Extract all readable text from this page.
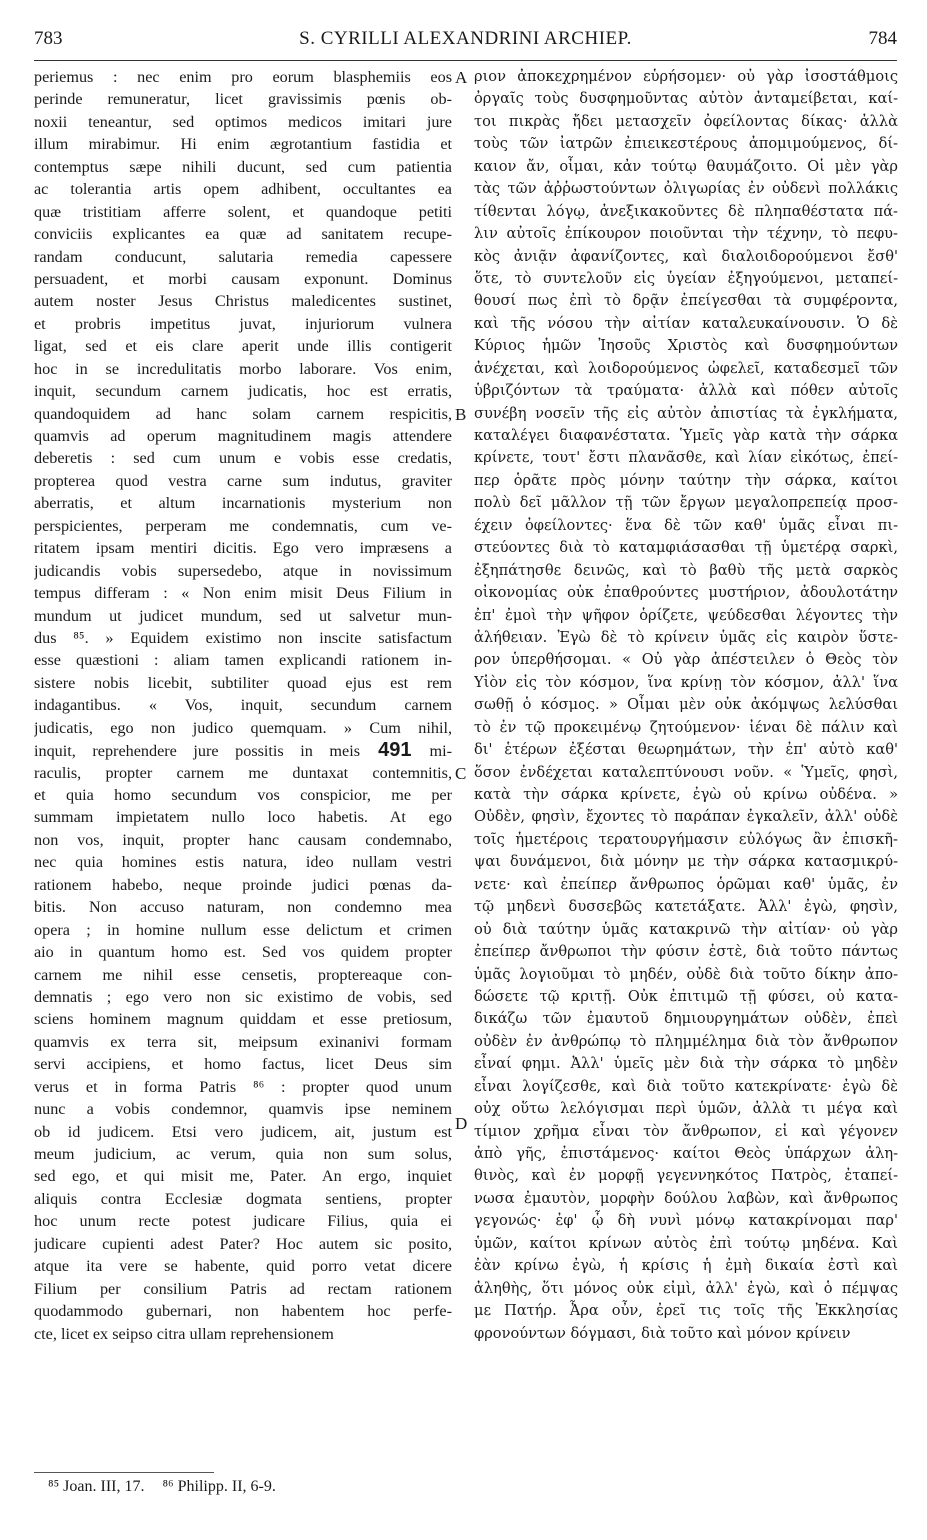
783	S. CYRILLI ALEXANDRINI ARCHIEP.	784
periemus : nec enim pro eorum blasphemiis eos
perinde remuneratur, licet gravissimis pœnis ob-
noxii teneantur, sed optimos medicos imitari jure
illum mirabimur. Hi enim ægrotantium fastidia et
contemptus sæpe nihili ducunt, sed cum patientia
ac tolerantia artis opem adhibent, occultantes ea
quæ tristitiam afferre solent, et quandoque petiti
conviciis explicantes ea quæ ad sanitatem recupe-
randam conducunt, salutaria remedia capessere
persuadent, et morbi causam exponunt. Dominus
autem noster Jesus Christus maledicentes sustinet,
et probris impetitus juvat, injuriorum vulnera
ligat, sed et eis clare aperit unde illis contigerit
hoc in se incredulitatis morbo laborare. Vos enim,
inquit, secundum carnem judicatis, hoc est erratis,
quandoquidem ad hanc solam carnem respicitis,
quamvis ad operum magnitudinem magis attendere
deberetis : sed cum unum e vobis esse credatis,
propterea quod vestra carne sum indutus, graviter
aberratis, et altum incarnationis mysterium non
perspicientes, perperam me condemnatis, cum ve-
ritatem ipsam mentiri dicitis. Ego vero impræsens a
judicandis vobis supersedebo, atque in novissimum
tempus differam : « Non enim misit Deus Filium in
mundum ut judicet mundum, sed ut salvetur mun-
dus ⁸⁵. » Equidem existimo non inscite satisfactum
esse quæstioni : aliam tamen explicandi rationem in-
sistere nobis licebit, subtiliter quoad ejus est rem
indagantibus. « Vos, inquit, secundum carnem
judicatis, ego non judico quemquam. » Cum nihil,
inquit, reprehendere jure possitis in meis 491 mi-
raculis, propter carnem me duntaxat contemnitis,
et quia homo secundum vos conspicior, me per
summam impietatem nullo loco habetis. At ego
non vos, inquit, propter hanc causam condemnabo,
nec quia homines estis natura, ideo nullam vestri
rationem habebo, neque proinde judici pœnas da-
bitis. Non accuso naturam, non condemno mea
opera ; in homine nullum esse delictum et crimen
aio in quantum homo est. Sed vos quidem propter
carnem me nihil esse censetis, proptereaque con-
demnatis ; ego vero non sic existimo de vobis, sed
sciens hominem magnum quiddam et esse pretiosum,
quamvis ex terra sit, meipsum exinanivi formam
servi accipiens, et homo factus, licet Deus sim
verus et in forma Patris ⁸⁶ : propter quod unum
nunc a vobis condemnor, quamvis ipse neminem
ob id judicem. Etsi vero judicem, ait, justum est
meum judicium, ac verum, quia non sum solus,
sed ego, et qui misit me, Pater. An ergo, inquiet
aliquis contra Ecclesiæ dogmata sentiens, propter
hoc unum recte potest judicare Filius, quia ei
judicare cupienti adest Pater? Hoc autem sic posito,
atque ita vere se habente, quid porro vetat dicere
Filium per consilium Patris ad rectam rationem
quodammodo gubernari, non habentem hoc perfe-
cte, licet ex seipso citra ullam reprehensionem
ριον ἀποκεχρημένον εὑρήσομεν· οὐ γὰρ ἰσοστάθμοις
ὀργαῖς τοὺς δυσφημοῦντας αὐτὸν ἀνταμείβεται, καί-
τοι πικρὰς ἤδει μετασχεῖν ὀφείλοντας δίκας· ἀλλὰ
τοὺς τῶν ἰατρῶν ἐπιεικεστέρους ἀπομιμούμενος, δί-
καιον ἄν, οἶμαι, κἀν τούτῳ θαυμάζοιτο. Οἱ μὲν γὰρ
τὰς τῶν ἀῤῥωστούντων ὀλιγωρίας ἐν οὐδενὶ πολλάκις
τίθενται λόγῳ, ἀνεξικακοῦντες δὲ πληπαθέστατα πά-
λιν αὐτοῖς ἐπίκουρον ποιοῦνται τὴν τέχνην, τὸ πεφυ-
κὸς ἀνιᾷν ἀφανίζοντες, καὶ διαλοιδορούμενοι ἔσθ'
ὅτε, τὸ συντελοῦν εἰς ὑγείαν ἐξηγούμενοι, μεταπεί-
θουσί πως ἐπὶ τὸ δρᾷν ἐπείγεσθαι τὰ συμφέροντα,
καὶ τῆς νόσου τὴν αἰτίαν καταλευκαίνουσιν. Ὁ δὲ
Κύριος ἡμῶν Ἰησοῦς Χριστὸς καὶ δυσφημούντων
ἀνέχεται, καὶ λοιδορούμενος ὠφελεῖ, καταδεσμεῖ τῶν
ὑβριζόντων τὰ τραύματα· ἀλλὰ καὶ πόθεν αὐτοῖς
συνέβη νοσεῖν τῆς εἰς αὐτὸν ἀπιστίας τὰ ἐγκλήματα,
καταλέγει διαφανέστατα. Ὑμεῖς γὰρ κατὰ τὴν σάρκα
κρίνετε, τουτ' ἔστι πλανᾶσθε, καὶ λίαν εἰκότως, ἐπεί-
περ ὁρᾶτε πρὸς μόνην ταύτην τὴν σάρκα, καίτοι
πολὺ δεῖ μᾶλλον τῇ τῶν ἔργων μεγαλοπρεπείᾳ προσ-
έχειν ὀφείλοντες· ἕνα δὲ τῶν καθ' ὑμᾶς εἶναι πι-
στεύοντες διὰ τὸ καταμφιάσασθαι τῇ ὑμετέρᾳ σαρκὶ,
ἐξηπάτησθε δεινῶς, καὶ τὸ βαθὺ τῆς μετὰ σαρκὸς
οἰκονομίας οὐκ ἐπαθρούντες μυστήριον, ἀδουλοτάτην
ἐπ' ἐμοὶ τὴν ψῆφον ὁρίζετε, ψεύδεσθαι λέγοντες τὴν
ἀλήθειαν. Ἐγὼ δὲ τὸ κρίνειν ὑμᾶς εἰς καιρὸν ὕστε-
ρον ὑπερθήσομαι. « Οὐ γὰρ ἀπέστειλεν ὁ Θεὸς τὸν
Υἱὸν εἰς τὸν κόσμον, ἵνα κρίνῃ τὸν κόσμον, ἀλλ' ἵνα
σωθῇ ὁ κόσμος. » Οἶμαι μὲν οὐκ ἀκόμψως λελύσθαι
τὸ ἐν τῷ προκειμένῳ ζητούμενον· ἰέναι δὲ πάλιν καὶ
δι' ἑτέρων ἐξέσται θεωρημάτων, τὴν ἐπ' αὐτὸ καθ'
ὅσον ἐνδέχεται καταλεπτύνουσι νοῦν. « Ὑμεῖς, φησὶ,
κατὰ τὴν σάρκα κρίνετε, ἐγὼ οὐ κρίνω οὐδένα. »
Οὐδὲν, φησὶν, ἔχοντες τὸ παράπαν ἐγκαλεῖν, ἀλλ' οὐδὲ
τοῖς ἡμετέροις τερατουργήμασιν εὐλόγως ἂν ἐπισκῆ-
ψαι δυνάμενοι, διὰ μόνην με τὴν σάρκα κατασμικρύ-
νετε· καὶ ἐπείπερ ἄνθρωπος ὁρῶμαι καθ' ὑμᾶς, ἐν
τῷ μηδενὶ δυσσεβῶς κατετάξατε. Ἀλλ' ἐγὼ, φησὶν,
οὐ διὰ ταύτην ὑμᾶς κατακρινῶ τὴν αἰτίαν· οὐ γὰρ
ἐπείπερ ἄνθρωποι τὴν φύσιν ἐστὲ, διὰ τοῦτο πάντως
ὑμᾶς λογιοῦμαι τὸ μηδέν, οὐδὲ διὰ τοῦτο δίκην ἀπο-
δώσετε τῷ κριτῇ. Οὐκ ἐπιτιμῶ τῇ φύσει, οὐ κατα-
δικάζω τῶν ἐμαυτοῦ δημιουργημάτων οὐδὲν, ἐπεὶ
οὐδὲν ἐν ἀνθρώπῳ τὸ πλημμέλημα διὰ τὸν ἄνθρωπον
εἶναί φημι. Ἀλλ' ὑμεῖς μὲν διὰ τὴν σάρκα τὸ μηδὲν
εἶναι λογίζεσθε, καὶ διὰ τοῦτο κατεκρίνατε· ἐγὼ δὲ
οὐχ οὕτω λελόγισμαι περὶ ὑμῶν, ἀλλὰ τι μέγα καὶ
τίμιον χρῆμα εἶναι τὸν ἄνθρωπον, εἰ καὶ γέγονεν
ἀπὸ γῆς, ἐπιστάμενος· καίτοι Θεὸς ὑπάρχων ἀλη-
θινὸς, καὶ ἐν μορφῇ γεγεννηκότος Πατρὸς, ἐταπεί-
νωσα ἐμαυτὸν, μορφὴν δούλου λαβὼν, καὶ ἄνθρωπος
γεγονώς· ἐφ' ᾧ δὴ νυνὶ μόνῳ κατακρίνομαι παρ'
ὑμῶν, καίτοι κρίνων αὐτὸς ἐπὶ τούτῳ μηδένα. Καὶ
ἐὰν κρίνω ἐγὼ, ἡ κρίσις ἡ ἐμὴ δικαία ἐστὶ καὶ
ἀληθὴς, ὅτι μόνος οὐκ εἰμὶ, ἀλλ' ἐγὼ, καὶ ὁ πέμψας
με Πατήρ. Ἆρα οὖν, ἐρεῖ τις τοῖς τῆς Ἐκκλησίας
φρονούντων δόγμασι, διὰ τοῦτο καὶ μόνον κρίνειν
A
B
C
D
⁸⁵ Joan. III, 17. ⁸⁶ Philipp. II, 6-9.
